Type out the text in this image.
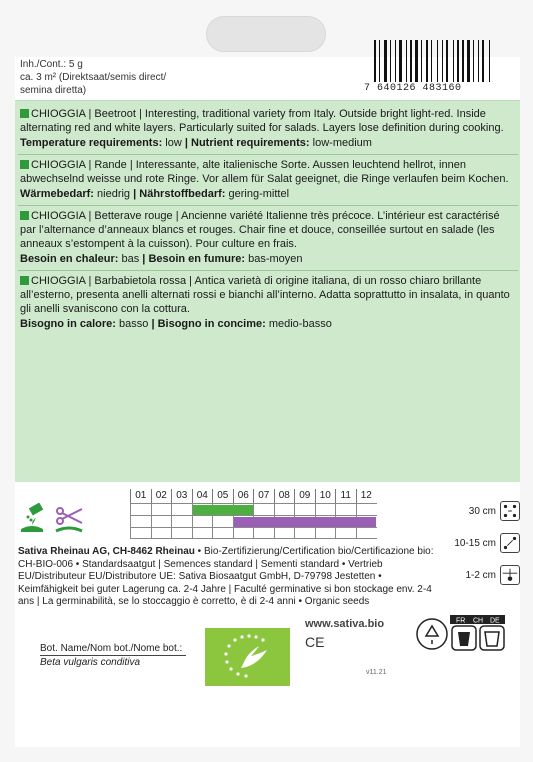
Inh./Cont.: 5 g
ca. 3 m² (Direktsaat/semis direct/
semina diretta)	7 640126 483160
CHIOGGIA | Beetroot | Interesting, traditional variety from Italy. Outside bright light-red. Inside alternating red and white layers. Particularly suited for salads. Layers lose definition during cooking.
Temperature requirements: low | Nutrient requirements: low-medium
CHIOGGIA | Rande | Interessante, alte italienische Sorte. Aussen leuchtend hellrot, innen abwechselnd weisse und rote Ringe. Vor allem für Salat geeignet, die Ringe verlaufen beim Kochen.
Wärmebedarf: niedrig | Nährstoffbedarf: gering-mittel
CHIOGGIA | Betterave rouge | Ancienne variété Italienne très précoce. L’intérieur est caractérisé par l’alternance d’anneaux blancs et rouges. Chair fine et douce, conseillée surtout en salade (les anneaux s’estompent à la cuisson). Pour culture en frais.
Besoin en chaleur: bas | Besoin en fumure: bas-moyen
CHIOGGIA | Barbabietola rossa | Antica varietà di origine italiana, di un rosso chiaro brillante all’esterno, presenta anelli alternati rossi e bianchi all’interno. Adatta soprattutto in insalata, in quanto gli anelli svaniscono con la cottura.
Bisogno in calore: basso | Bisogno in concime: medio-basso
01 02 03 04 05 06 07 08 09 10 11 12
30 cm
10-15 cm
1-2 cm
Sativa Rheinau AG, CH-8462 Rheinau • Bio-Zertifizierung/Certification bio/Certificazione bio: CH-BIO-006 • Standardsaatgut | Semences standard | Sementi standard • Vertrieb EU/Distributeur EU/Distributore UE: Sativa Biosaatgut GmbH, D-79798 Jestetten • Keimfähigkeit bei guter Lagerung ca. 2-4 Jahre | Faculté germinative si bon stockage env. 2-4 ans | La germinabilità, se lo stoccaggio è corretto, è di 2-4 anni • Organic seeds
Bot. Name/Nom bot./Nome bot.:
Beta vulgaris conditiva
www.sativa.bio
CE
v11.21
FR CH DE
